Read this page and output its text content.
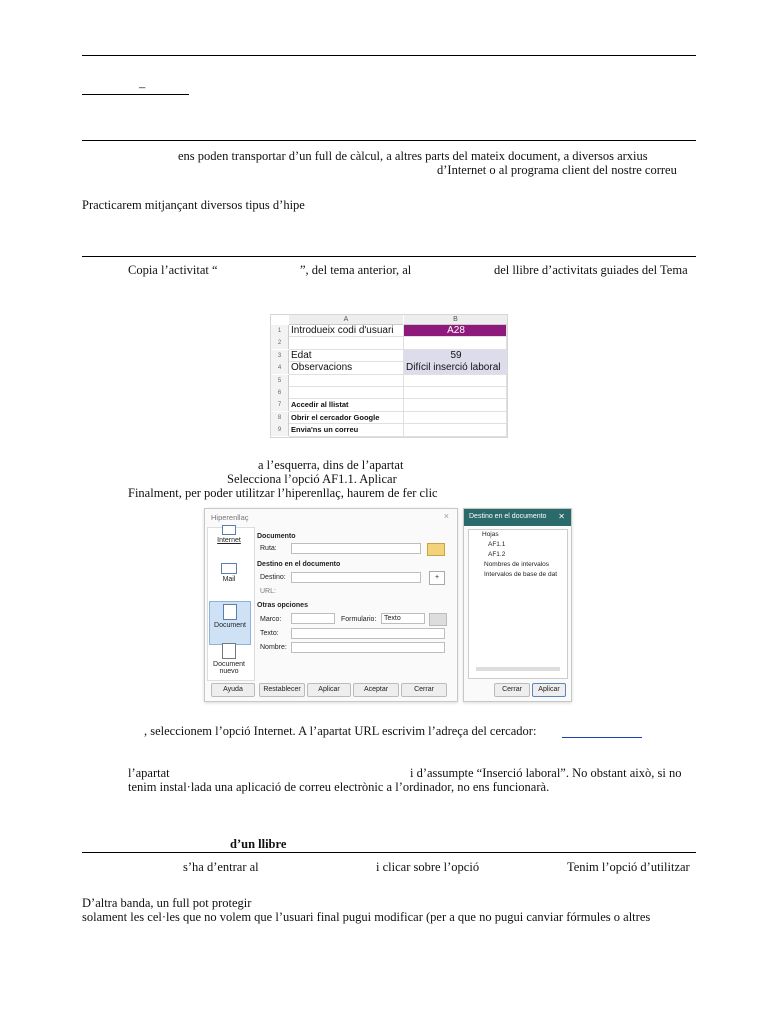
–
ens poden transportar d’un full de càlcul, a altres parts del mateix document, a diversos arxius
d’Internet o al programa client del nostre correu
Practicarem mitjançant diversos tipus d’hipe
Copia l’activitat “	”, del tema anterior, al	del llibre d’activitats guiades del Tema
A	B
1 Introdueix codi d'usuari	A28
2
3 Edat	59
4 Observacions	Difícil inserció laboral
5
6
7	Accedir al llistat
8	Obrir el cercador Google
9	Envia'ns un correu
a l’esquerra, dins de l’apartat
Selecciona l’opció AF1.1. Aplicar
Finalment, per poder utilitzar l’hiperenllaç, haurem de fer clic
Hiperenllaç	×
Internet
Mail
Document
Document nuevo
Documento
Ruta:
Destino en el documento
Destino:	+
URL:
Otras opciones
Marco:	Formulario:	Texto
Texto:
Nombre:
Ayuda	Restablecer	Aplicar	Aceptar	Cerrar
Destino en el documento ✕
Hojas
AF1.1
AF1.2
Nombres de intervalos
Intervalos de base de dat
Cerrar	Aplicar
, seleccionem l’opció Internet. A l’apartat URL escrivim l’adreça del cercador:
l’apartat	i d’assumpte “Inserció laboral”. No obstant això, si no
tenim instal·lada una aplicació de correu electrònic a l’ordinador, no ens funcionarà.
d’un llibre
s’ha d’entrar al	i clicar sobre l’opció	Tenim l’opció d’utilitzar
D’altra banda, un full pot protegir
solament les cel·les que no volem que l’usuari final pugui modificar (per a que no pugui canviar fórmules o altres
